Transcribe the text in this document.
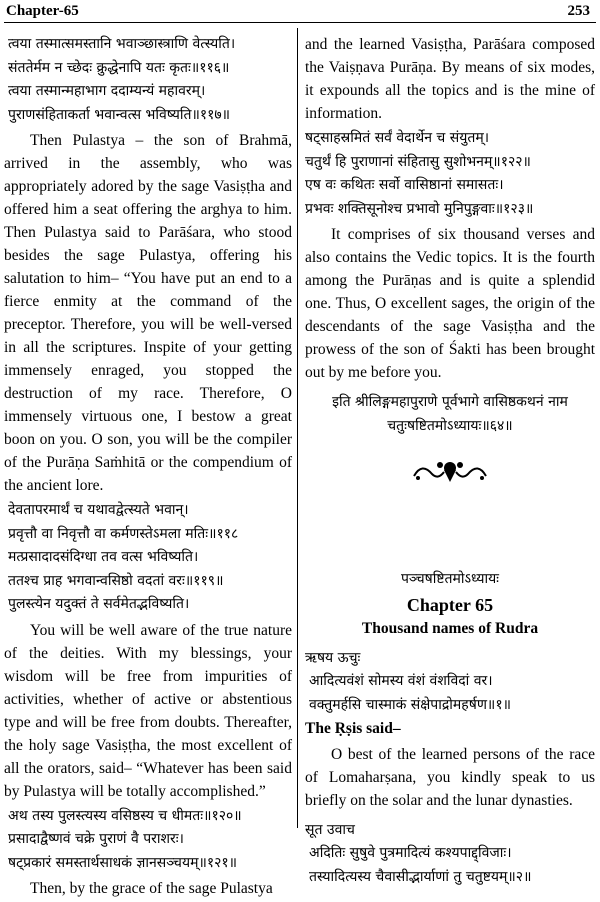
Chapter-65	253
त्वया तस्मात्समस्तानि भवाञ्छास्त्राणि वेत्स्यति।
संततेर्मम न च्छेदः क्रुद्धेनापि यतः कृतः॥११६॥
त्वया तस्मान्महाभाग ददाम्यन्यं महावरम्।
पुराणसंहिताकर्ता भवान्वत्स भविष्यति॥११७॥

Then Pulastya – the son of Brahmā, arrived in the assembly, who was appropriately adored by the sage Vasiṣṭha and offered him a seat offering the arghya to him. Then Pulastya said to Parāśara, who stood besides the sage Pulastya, offering his salutation to him– “You have put an end to a fierce enmity at the command of the preceptor. Therefore, you will be well-versed in all the scriptures. Inspite of your getting immensely enraged, you stopped the destruction of my race. Therefore, O immensely virtuous one, I bestow a great boon on you. O son, you will be the compiler of the Purāṇa Saṁhitā or the compendium of the ancient lore.

देवतापरमार्थं च यथावद्वेत्स्यते भवान्।
प्रवृत्तौ वा निवृत्तौ वा कर्मणस्तेऽमला मतिः॥११८
मत्प्रसादादसंदिग्धा तव वत्स भविष्यति।
ततश्च प्राह भगवान्वसिष्ठो वदतां वरः॥११९॥
पुलस्त्येन यदुक्तं ते सर्वमेतद्भविष्यति।

You will be well aware of the true nature of the deities. With my blessings, your wisdom will be free from impurities of activities, whether of active or abstentious type and will be free from doubts. Thereafter, the holy sage Vasiṣṭha, the most excellent of all the orators, said– “Whatever has been said by Pulastya will be totally accomplished.”

अथ तस्य पुलस्त्यस्य वसिष्ठस्य च धीमतः॥१२०॥
प्रसादाद्वैष्णवं चक्रे पुराणं वै पराशरः।
षट्प्रकारं समस्तार्थसाधकं ज्ञानसञ्चयम्॥१२१॥

Then, by the grace of the sage Pulastya

and the learned Vasiṣṭha, Parāśara composed the Vaiṣṇava Purāṇa. By means of six modes, it expounds all the topics and is the mine of information.

षट्साहस्रमितं सर्वं वेदार्थेन च संयुतम्।
चतुर्थं हि पुराणानां संहितासु सुशोभनम्॥१२२॥
एष वः कथितः सर्वो वासिष्ठानां समासतः।
प्रभवः शक्तिसूनोश्च प्रभावो मुनिपुङ्गवाः॥१२३॥

It comprises of six thousand verses and also contains the Vedic topics. It is the fourth among the Purāṇas and is quite a splendid one. Thus, O excellent sages, the origin of the descendants of the sage Vasiṣṭha and the prowess of the son of Śakti has been brought out by me before you.

इति श्रीलिङ्गमहापुराणे पूर्वभागे वासिष्ठकथनं नाम
चतुःषष्टितमोऽध्यायः॥६४॥
पञ्चषष्टितमोऽध्यायः
Chapter 65
Thousand names of Rudra
ऋषय ऊचुः
आदित्यवंशं सोमस्य वंशं वंशविदां वर।
वक्तुमर्हसि चास्माकं संक्षेपाद्रोमहर्षण॥१॥
The Ṛṣis said–

O best of the learned persons of the race of Lomaharṣana, you kindly speak to us briefly on the solar and the lunar dynasties.

सूत उवाच
अदितिः सुषुवे पुत्रमादित्यं कश्यपाद्द्विजाः।
तस्यादित्यस्य चैवासीद्भार्याणां तु चतुष्टयम्॥२॥
